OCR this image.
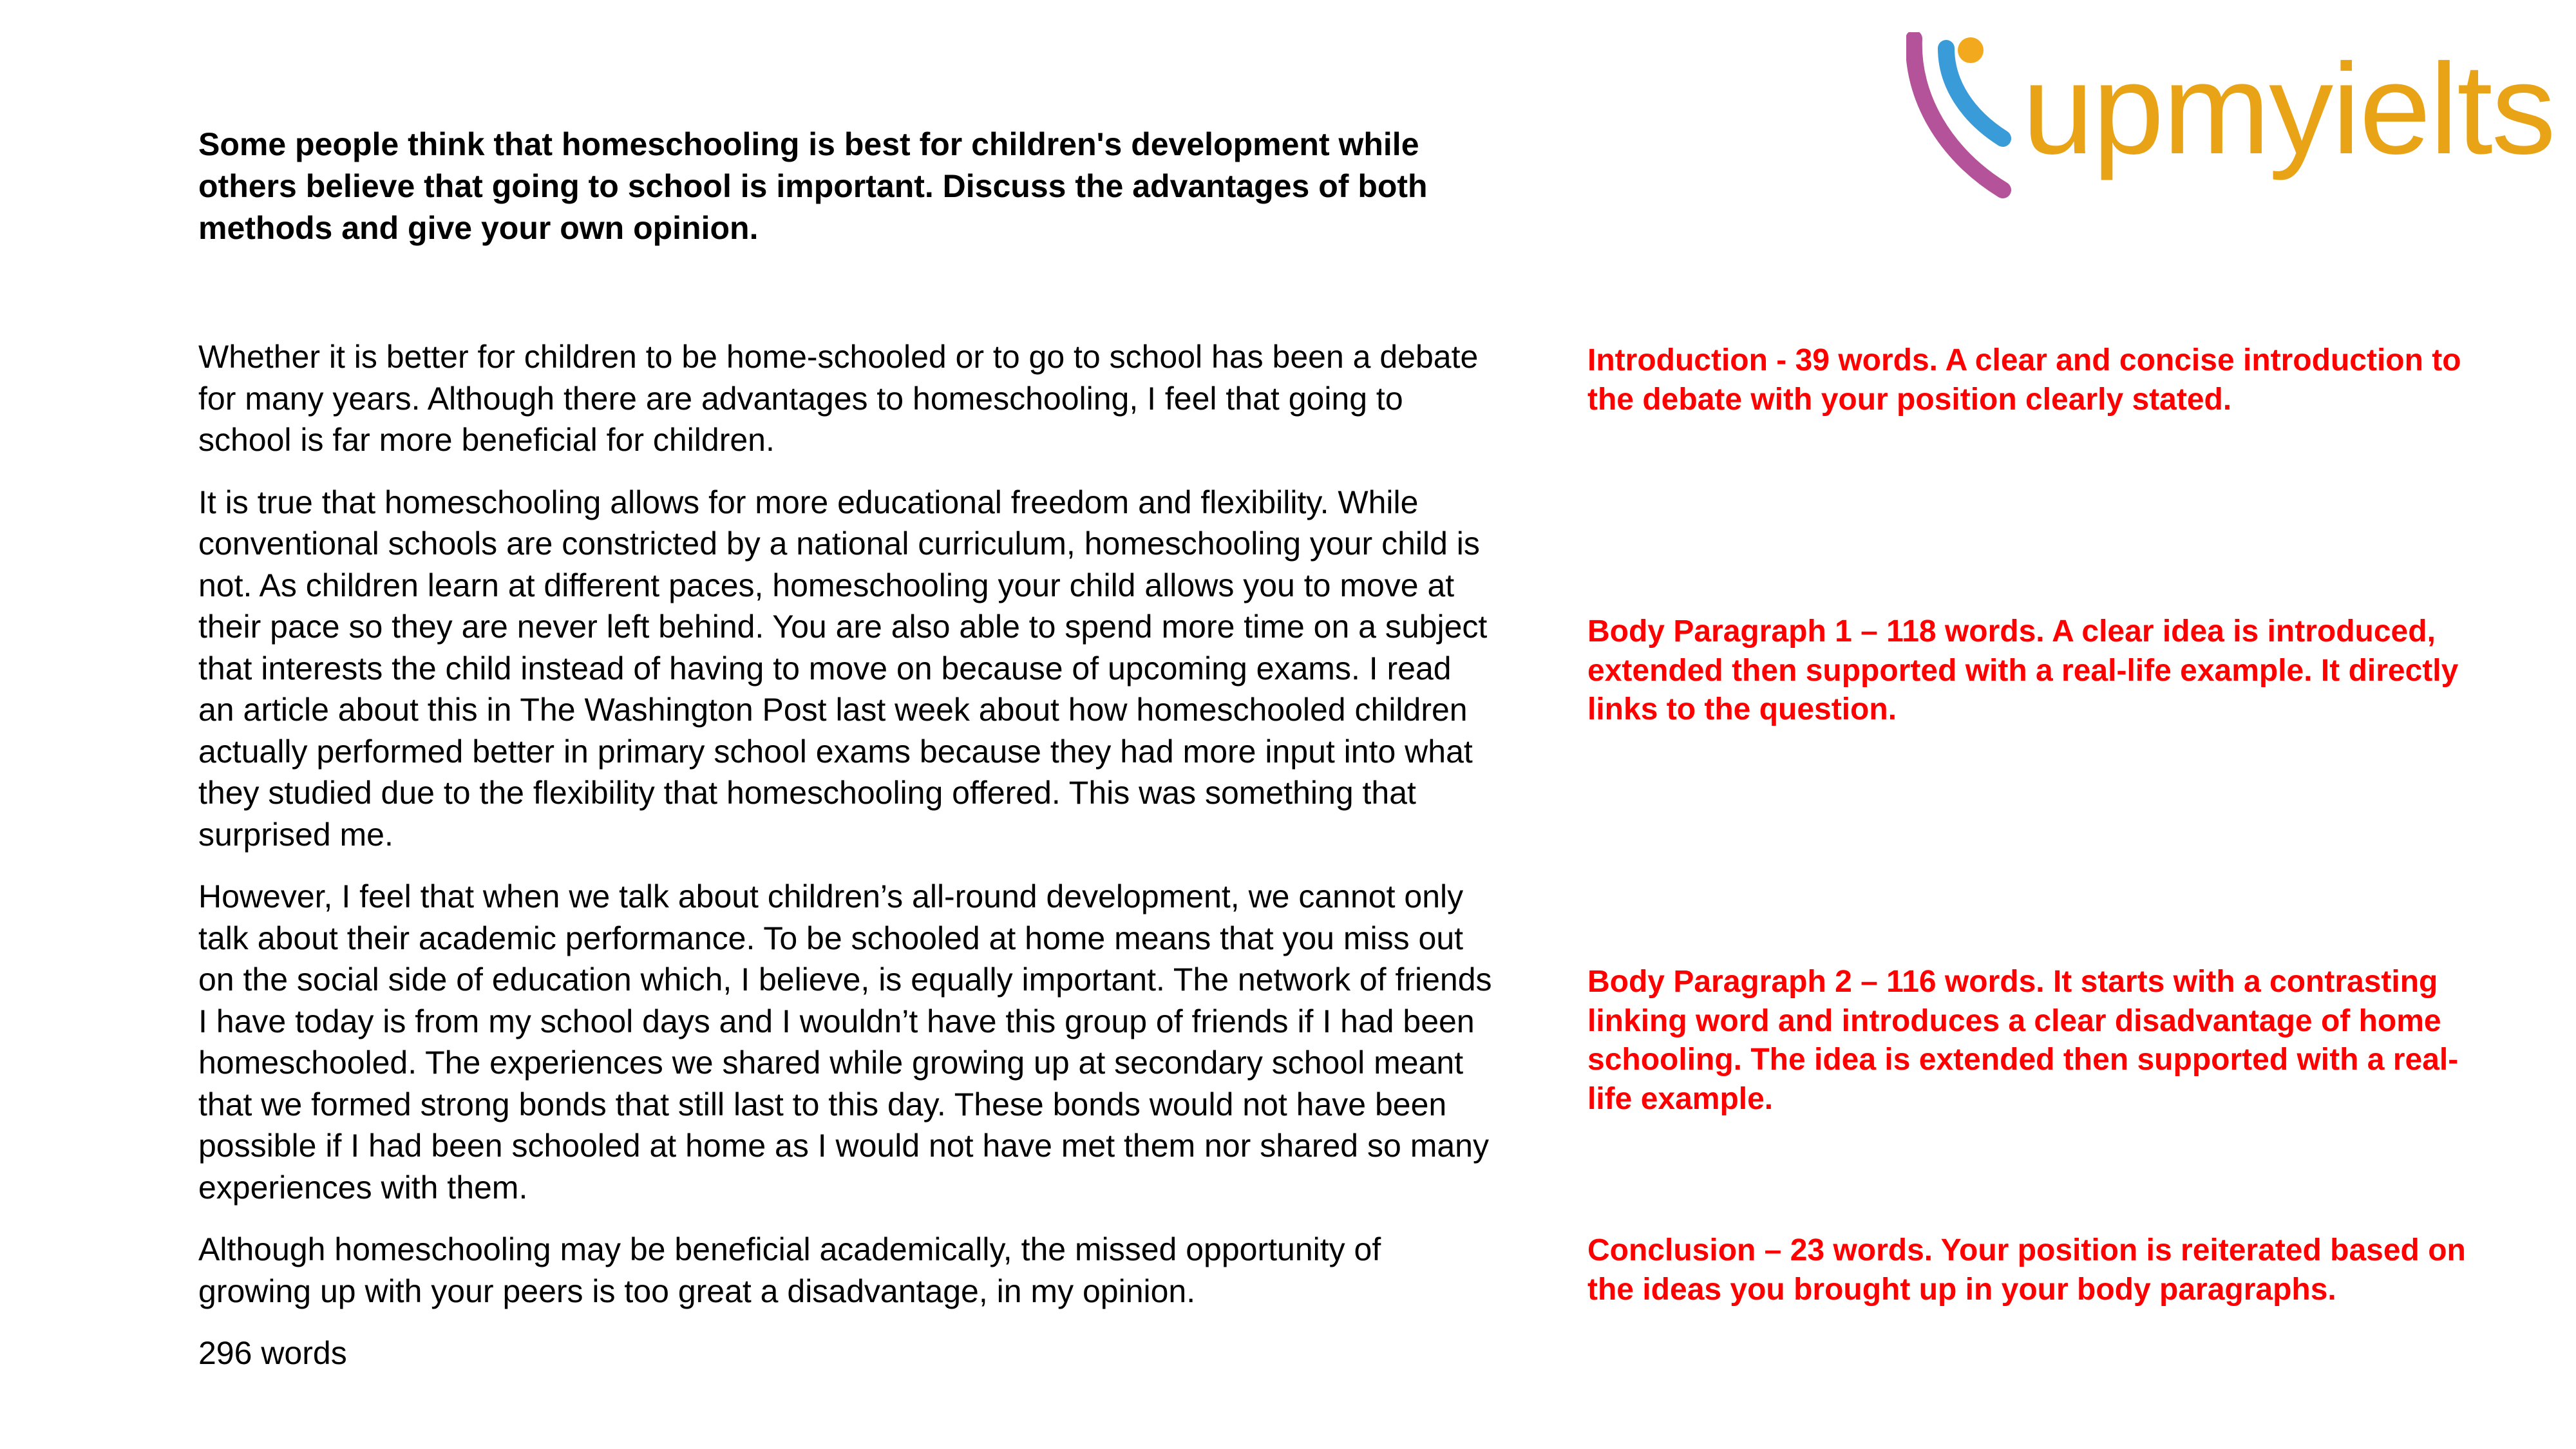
upmyielts

Some people think that homeschooling is best for children's development while others believe that going to school is important. Discuss the advantages of both methods and give your own opinion.

Whether it is better for children to be home-schooled or to go to school has been a debate for many years. Although there are advantages to homeschooling, I feel that going to school is far more beneficial for children.

It is true that homeschooling allows for more educational freedom and flexibility. While conventional schools are constricted by a national curriculum, homeschooling your child is not. As children learn at different paces, homeschooling your child allows you to move at their pace so they are never left behind. You are also able to spend more time on a subject that interests the child instead of having to move on because of upcoming exams. I read an article about this in The Washington Post last week about how homeschooled children actually performed better in primary school exams because they had more input into what they studied due to the flexibility that homeschooling offered. This was something that surprised me.

However, I feel that when we talk about children’s all-round development, we cannot only talk about their academic performance. To be schooled at home means that you miss out on the social side of education which, I believe, is equally important. The network of friends I have today is from my school days and I wouldn’t have this group of friends if I had been homeschooled. The experiences we shared while growing up at secondary school meant that we formed strong bonds that still last to this day. These bonds would not have been possible if I had been schooled at home as I would not have met them nor shared so many experiences with them.

Although homeschooling may be beneficial academically, the missed opportunity of growing up with your peers is too great a disadvantage, in my opinion.

296 words

Introduction - 39 words. A clear and concise introduction to the debate with your position clearly stated.

Body Paragraph 1 – 118 words. A clear idea is introduced, extended then supported with a real-life example. It directly links to the question.

Body Paragraph 2 – 116 words. It starts with a contrasting linking word and introduces a clear disadvantage of home schooling. The idea is extended then supported with a real-life example.

Conclusion – 23 words. Your position is reiterated based on the ideas you brought up in your body paragraphs.
